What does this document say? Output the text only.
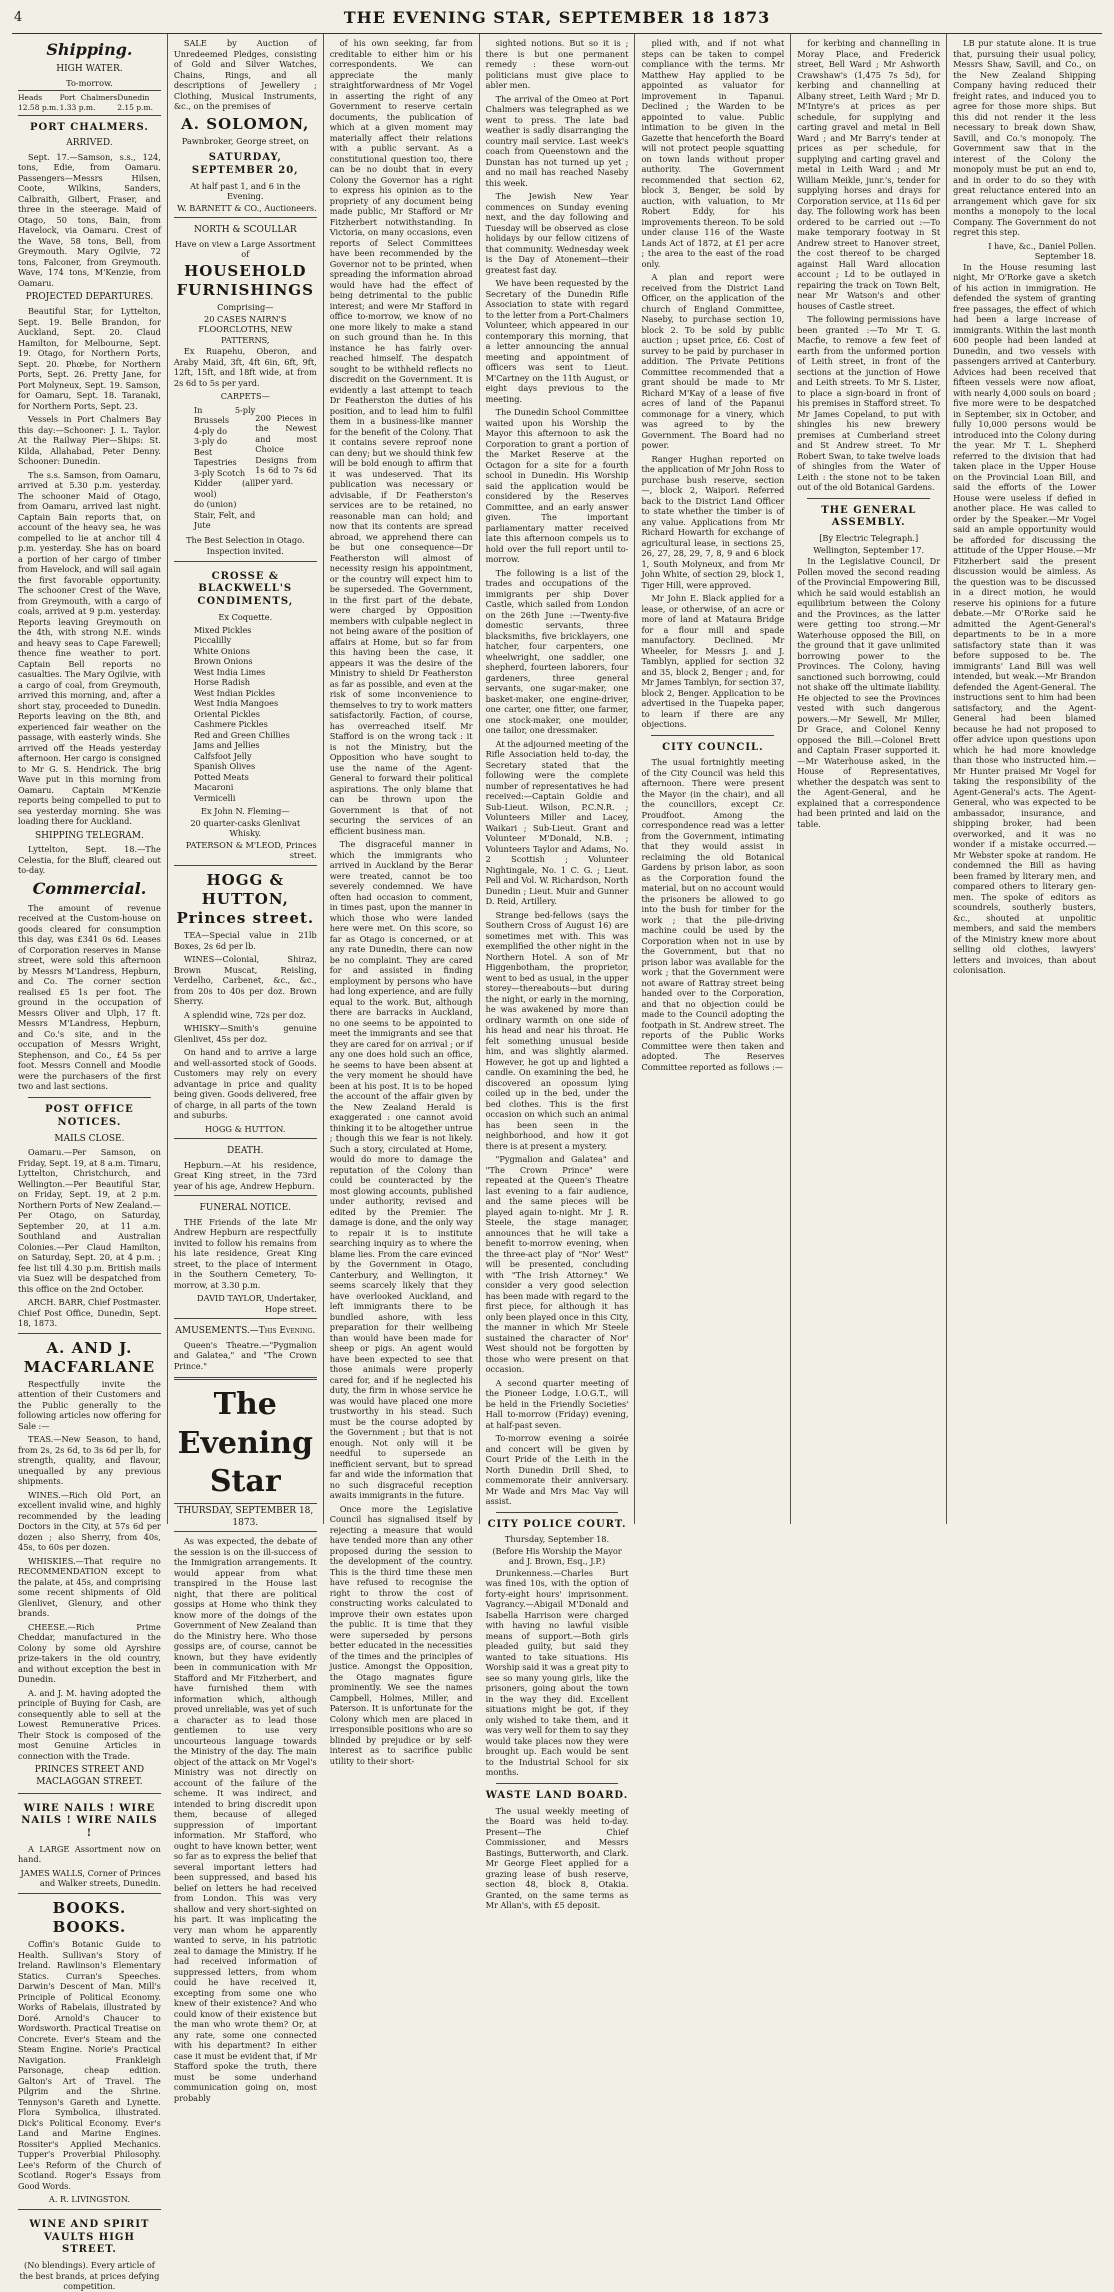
4	THE EVENING STAR, SEPTEMBER 18 1873
Shipping.
HIGH WATER.
To-morrow.
Heads 12.58 p.m.
Port Chalmers 1.33 p.m.
Dunedin 2.15 p.m.
PORT CHALMERS.
ARRIVED.

Sept. 17.—Samson, s.s., 124, tons, Edie, from Oamaru. Passengers—Messrs Hilsen, Coote, Wilkins, Sanders, Calbraith, Gilbert, Fraser, and three in the steerage. Maid of Otago, 50 tons, Bain, from Havelock, via Oamaru. Crest of the Wave, 58 tons, Bell, from Greymouth. Mary Ogilvie, 72 tons, Falconer, from Greymouth. Wave, 174 tons, M'Kenzie, from Oamaru.

PROJECTED DEPARTURES.

Beautiful Star, for Lyttelton, Sept. 19. Belle Brandon, for Auckland, Sept. 20. Claud Hamilton, for Melbourne, Sept. 19. Otago, for Northern Ports, Sept. 20. Phœbe, for Northern Ports, Sept. 26. Pretty Jane, for Port Molyneux, Sept. 19. Samson, for Oamaru, Sept. 18. Taranaki, for Northern Ports, Sept. 23.

Vessels in Port Chalmers Bay this day:—Schooner: J. L. Taylor. At the Railway Pier—Ships: St. Kilda, Allahabad, Peter Denny. Schooner: Dunedin.

The s.s. Samson, from Oamaru, arrived at 5.30 p.m. yesterday. The schooner Maid of Otago, from Oamaru, arrived last night. Captain Bain reports that, on account of the heavy sea, he was compelled to lie at anchor till 4 p.m. yesterday. She has on board a portion of her cargo of timber from Havelock, and will sail again the first favorable opportunity. The schooner Crest of the Wave, from Greymouth, with a cargo of coals, arrived at 9 p.m. yesterday. Reports leaving Greymouth on the 4th, with strong N.E. winds and heavy seas to Cape Farewell; thence fine weather to port. Captain Bell reports no casualties. The Mary Ogilvie, with a cargo of coal, from Greymouth, arrived this morning, and, after a short stay, proceeded to Dunedin. Reports leaving on the 8th, and experienced fair weather on the passage, with easterly winds. She arrived off the Heads yesterday afternoon. Her cargo is consigned to Mr G. S. Hendrick. The brig Wave put in this morning from Oamaru. Captain M'Kenzie reports being compelled to put to sea yesterday morning. She was loading there for Auckland.

SHIPPING TELEGRAM.

Lyttelton, Sept. 18.—The Celestia, for the Bluff, cleared out to-day.

Commercial.

The amount of revenue received at the Custom-house on goods cleared for consumption this day, was £341 0s 6d. Leases of Corporation reserves in Manse street, were sold this afternoon by Messrs M'Landress, Hepburn, and Co. The corner section realised £5 1s per foot. The ground in the occupation of Messrs Oliver and Ulph, 17 ft. Messrs M'Landress, Hepburn, and Co.'s site, and in the occupation of Messrs Wright, Stephenson, and Co., £4 5s per foot. Messrs Connell and Moodie were the purchasers of the first two and last sections.

POST OFFICE NOTICES.
MAILS CLOSE.

Oamaru.—Per Samson, on Friday, Sept. 19, at 8 a.m. Timaru, Lyttelton, Christchurch, and Wellington.—Per Beautiful Star, on Friday, Sept. 19, at 2 p.m. Northern Ports of New Zealand.—Per Otago, on Saturday, September 20, at 11 a.m. Southland and Australian Colonies.—Per Claud Hamilton, on Saturday, Sept. 20, at 4 p.m. ; fee list till 4.30 p.m. British mails via Suez will be despatched from this office on the 2nd October.

ARCH. BARR, Chief Postmaster.
Chief Post Office, Dunedin, Sept. 18, 1873.
A. AND J. MACFARLANE

Respectfully invite the attention of their Customers and the Public generally to the following articles now offering for Sale :—

TEAS.—New Season, to hand, from 2s, 2s 6d, to 3s 6d per lb, for strength, quality, and flavour, unequalled by any previous shipments.

WINES.—Rich Old Port, an excellent invalid wine, and highly recommended by the leading Doctors in the City, at 57s 6d per dozen ; also Sherry, from 40s, 45s, to 60s per dozen.

WHISKIES.—That require no RECOMMENDATION except to the palate, at 45s, and comprising some recent shipments of Old Glenlivet, Glenury, and other brands.

CHEESE.—Rich Prime Cheddar, manufactured in the Colony by some old Ayrshire prize-takers in the old country, and without exception the best in Dunedin.

A. and J. M. having adopted the principle of Buying for Cash, are consequently able to sell at the Lowest Remunerative Prices. Their Stock is composed of the most Genuine Articles in connection with the Trade.

PRINCES STREET AND MACLAGGAN STREET.
WIRE NAILS ! WIRE NAILS ! WIRE NAILS !

A LARGE Assortment now on hand.

JAMES WALLS, Corner of Princes and Walker streets, Dunedin.
BOOKS. BOOKS.

Coffin's Botanic Guide to Health. Sullivan's Story of Ireland. Rawlinson's Elementary Statics. Curran's Speeches. Darwin's Descent of Man. Mill's Principle of Political Economy. Works of Rabelais, illustrated by Doré. Arnold's Chaucer to Wordsworth. Practical Treatise on Concrete. Ever's Steam and the Steam Engine. Norie's Practical Navigation. Frankleigh Parsonage, cheap edition. Galton's Art of Travel. The Pilgrim and the Shrine. Tennyson's Gareth and Lynette. Flora Symbolica, illustrated. Dick's Political Economy. Ever's Land and Marine Engines. Rossiter's Applied Mechanics. Tupper's Proverbial Philosophy. Lee's Reform of the Church of Scotland. Roger's Essays from Good Words.

A. R. LIVINGSTON.
WINE AND SPIRIT VAULTS HIGH STREET.

(No blendings). Every article of the best brands, at prices defying competition.

SALE by Auction of Unredeemed Pledges, consisting of Gold and Silver Watches, Chains, Rings, and all descriptions of Jewellery ; Clothing, Musical Instruments, &c., on the premises of

A. SOLOMON,
Pawnbroker, George street, on
SATURDAY, SEPTEMBER 20,
At half past 1, and 6 in the Evening.
W. BARNETT & CO., Auctioneers.
NORTH & SCOULLAR
Have on view a Large Assortment of
HOUSEHOLD FURNISHINGS
Comprising—
20 CASES NAIRN'S FLOORCLOTHS, NEW PATTERNS,

Ex Ruapehu, Oberon, and Araby Maid, 3ft, 4ft 6in, 6ft, 9ft, 12ft, 15ft, and 18ft wide, at from 2s 6d to 5s per yard.

CARPETS—
In 5-ply Brussels
4-ply do
3-ply do
Best Tapestries
3-ply Scotch
Kidder (all wool)
do (union)
Stair, Felt, and Jute
200 Pieces in the Newest and most Choice Designs from 1s 6d to 7s 6d per yard.
The Best Selection in Otago.
Inspection invited.
CROSSE & BLACKWELL'S CONDIMENTS,
Ex Coquette.
Mixed Pickles
Piccalilly
White Onions
Brown Onions
West India Limes
Horse Radish
West Indian Pickles
West India Mangoes
Oriental Pickles
Cashmere Pickles
Red and Green Chillies
Jams and Jellies
Calfsfoot Jelly
Spanish Olives
Potted Meats
Macaroni
Vermicelli
Ex John N. Fleming—
20 quarter-casks Glenlivat Whisky.
PATERSON & M'LEOD, Princes street.
HOGG & HUTTON, Princes street.

TEA—Special value in 21lb Boxes, 2s 6d per lb.

WINES—Colonial, Shiraz, Brown Muscat, Reisling, Verdelho, Carbenet, &c., &c., from 20s to 40s per doz. Brown Sherry.

A splendid wine, 72s per doz.

WHISKY—Smith's genuine Glenlivet, 45s per doz.

On hand and to arrive a large and well-assorted stock of Goods. Customers may rely on every advantage in price and quality being given. Goods delivered, free of charge, in all parts of the town and suburbs.

HOGG & HUTTON.
DEATH.

Hepburn.—At his residence, Great King street, in the 73rd year of his age, Andrew Hepburn.

FUNERAL NOTICE.

THE Friends of the late Mr Andrew Hepburn are respectfully invited to follow his remains from his late residence, Great King street, to the place of interment in the Southern Cemetery, To-morrow, at 3.30 p.m.

DAVID TAYLOR, Undertaker, Hope street.
AMUSEMENTS.—This Evening.

Queen's Theatre.—"Pygmalion and Galatea," and "The Crown Prince."

The Evening Star
THURSDAY, SEPTEMBER 18, 1873.

As was expected, the debate of the session is on the ill-success of the Immigration arrangements. It would appear from what transpired in the House last night, that there are political gossips at Home who think they know more of the doings of the Government of New Zealand than do the Ministry here. Who those gossips are, of course, cannot be known, but they have evidently been in communication with Mr Stafford and Mr Fitzherbert, and have furnished them with information which, although proved unreliable, was yet of such a character as to lead those gentlemen to use very uncourteous language towards the Ministry of the day. The main object of the attack on Mr Vogel's Ministry was not directly on account of the failure of the scheme. It was indirect, and intended to bring discredit upon them, because of alleged suppression of important information. Mr Stafford, who ought to have known better, went so far as to express the belief that several important letters had been suppressed, and based his belief on letters he had received from London. This was very shallow and very short-sighted on his part. It was implicating the very man whom he apparently wanted to serve, in his patriotic zeal to damage the Ministry. If he had received information of suppressed letters, from whom could he have received it, excepting from some one who knew of their existence? And who could know of their existence but the man who wrote them? Or, at any rate, some one connected with his department? In either case it must be evident that, if Mr Stafford spoke the truth, there must be some underhand communication going on, most probably

of his own seeking, far from creditable to either him or his correspondents. We can appreciate the manly straightforwardness of Mr Vogel in asserting the right of any Government to reserve certain documents, the publication of which at a given moment may materially affect their relations with a public servant. As a constitutional question too, there can be no doubt that in every Colony the Governor has a right to express his opinion as to the propriety of any document being made public, Mr Stafford or Mr Fitzherbert notwithstanding. In Victoria, on many occasions, even reports of Select Committees have been recommended by the Governor not to be printed, when spreading the information abroad would have had the effect of being detrimental to the public interest; and were Mr Stafford in office to-morrow, we know of no one more likely to make a stand on such ground than he. In this instance he has fairly over-reached himself. The despatch sought to be withheld reflects no discredit on the Government. It is evidently a last attempt to teach Dr Featherston the duties of his position, and to lead him to fulfil them in a business-like manner for the benefit of the Colony. That it contains severe reproof none can deny; but we should think few will be bold enough to affirm that it was undeserved. That its publication was necessary or advisable, if Dr Featherston's services are to be retained, no reasonable man can hold; and now that its contents are spread abroad, we apprehend there can be but one consequence—Dr Featherston will almost of necessity resign his appointment, or the country will expect him to be superseded. The Government, in the first part of the debate, were charged by Opposition members with culpable neglect in not being aware of the position of affairs at Home, but so far from this having been the case, it appears it was the desire of the Ministry to shield Dr Featherston as far as possible, and even at the risk of some inconvenience to themselves to try to work matters satisfactorily. Faction, of course, has overreached itself. Mr Stafford is on the wrong tack : it is not the Ministry, but the Opposition who have sought to use the name of the Agent-General to forward their political aspirations. The only blame that can be thrown upon the Government is that of not securing the services of an efficient business man.

The disgraceful manner in which the immigrants who arrived in Auckland by the Berar were treated, cannot be too severely condemned. We have often had occasion to comment, in times past, upon the manner in which those who were landed here were met. On this score, so far as Otago is concerned, or at any rate Dunedin, there can now be no complaint. They are cared for and assisted in finding employment by persons who have had long experience, and are fully equal to the work. But, although there are barracks in Auckland, no one seems to be appointed to meet the immigrants and see that they are cared for on arrival ; or if any one does hold such an office, he seems to have been absent at the very moment he should have been at his post. It is to be hoped the account of the affair given by the New Zealand Herald is exaggerated : one cannot avoid thinking it to be altogether untrue ; though this we fear is not likely. Such a story, circulated at Home, would do more to damage the reputation of the Colony than could be counteracted by the most glowing accounts, published under authority, revised and edited by the Premier. The damage is done, and the only way to repair it is to institute searching inquiry as to where the blame lies. From the care evinced by the Government in Otago, Canterbury, and Wellington, it seems scarcely likely that they have overlooked Auckland, and left immigrants there to be bundled ashore, with less preparation for their wellbeing than would have been made for sheep or pigs. An agent would have been expected to see that those animals were properly cared for, and if he neglected his duty, the firm in whose service he was would have placed one more trustworthy in his stead. Such must be the course adopted by the Government ; but that is not enough. Not only will it be needful to supersede an inefficient servant, but to spread far and wide the information that no such disgraceful reception awaits immigrants in the future.

Once more the Legislative Council has signalised itself by rejecting a measure that would have tended more than any other proposed during the session to the development of the country. This is the third time these men have refused to recognise the right to throw the cost of constructing works calculated to improve their own estates upon the public. It is time that they were superseded by persons better educated in the necessities of the times and the principles of justice. Amongst the Opposition, the Otago magnates figure prominently. We see the names Campbell, Holmes, Miller, and Paterson. It is unfortunate for the Colony which men are placed in irresponsible positions who are so blinded by prejudice or by self-interest as to sacrifice public utility to their short-

sighted notions. But so it is ; there is but one permanent remedy : these worn-out politicians must give place to abler men.

The arrival of the Omeo at Port Chalmers was telegraphed as we went to press. The late bad weather is sadly disarranging the country mail service. Last week's coach from Queenstown and the Dunstan has not turned up yet ; and no mail has reached Naseby this week.

The Jewish New Year commences on Sunday evening next, and the day following and Tuesday will be observed as close holidays by our fellow citizens of that community. Wednesday week is the Day of Atonement—their greatest fast day.

We have been requested by the Secretary of the Dunedin Rifle Association to state with regard to the letter from a Port-Chalmers Volunteer, which appeared in our contemporary this morning, that a letter announcing the annual meeting and appointment of officers was sent to Lieut. M'Cartney on the 11th August, or eight days previous to the meeting.

The Dunedin School Committee waited upon his Worship the Mayor this afternoon to ask the Corporation to grant a portion of the Market Reserve at the Octagon for a site for a fourth school in Dunedin. His Worship said the application would be considered by the Reserves Committee, and an early answer given. The important parliamentary matter received late this afternoon compels us to hold over the full report until to-morrow.

The following is a list of the trades and occupations of the immigrants per ship Dover Castle, which sailed from London on the 26th June :—Twenty-five domestic servants, three blacksmiths, five bricklayers, one hatcher, four carpenters, one wheelwright, one saddler, one shepherd, fourteen laborers, four gardeners, three general servants, one sugar-maker, one basket-maker, one engine-driver, one carter, one fitter, one farmer, one stock-maker, one moulder, one tailor, one dressmaker.

At the adjourned meeting of the Rifle Association held to-day, the Secretary stated that the following were the complete number of representatives he had received:—Captain Goldie and Sub-Lieut. Wilson, P.C.N.R. ; Volunteers Miller and Lacey, Waikari ; Sub-Lieut. Grant and Volunteer M'Donald, N.B. ; Volunteers Taylor and Adams, No. 2 Scottish ; Volunteer Nightingale, No. 1 C. G. ; Lieut. Pell and Vol. W. Richardson, North Dunedin ; Lieut. Muir and Gunner D. Reid, Artillery.

Strange bed-fellows (says the Southern Cross of August 16) are sometimes met with. This was exemplified the other night in the Northern Hotel. A son of Mr Higgenbotham, the proprietor, went to bed as usual, in the upper storey—thereabouts—but during the night, or early in the morning, he was awakened by more than ordinary warmth on one side of his head and near his throat. He felt something unusual beside him, and was slightly alarmed. However, he got up and lighted a candle. On examining the bed, he discovered an opossum lying coiled up in the bed, under the bed clothes. This is the first occasion on which such an animal has been seen in the neighborhood, and how it got there is at present a mystery.

"Pygmalion and Galatea" and "The Crown Prince" were repeated at the Queen's Theatre last evening to a fair audience, and the same pieces will be played again to-night. Mr J. R. Steele, the stage manager, announces that he will take a benefit to-morrow evening, when the three-act play of "Nor' West" will be presented, concluding with "The Irish Attorney." We consider a very good selection has been made with regard to the first piece, for although it has only been played once in this City, the manner in which Mr Steele sustained the character of Nor' West should not be forgotten by those who were present on that occasion.

A second quarter meeting of the Pioneer Lodge, I.O.G.T., will be held in the Friendly Societies' Hall to-morrow (Friday) evening, at half-past seven.

To-morrow evening a soirée and concert will be given by Court Pride of the Leith in the North Dunedin Drill Shed, to commemorate their anniversary. Mr Wade and Mrs Mac Vay will assist.

CITY POLICE COURT.
Thursday, September 18.
(Before His Worship the Mayor and J. Brown, Esq., J.P.)

Drunkenness.—Charles Burt was fined 10s, with the option of forty-eight hours' imprisonment. Vagrancy.—Abigail M'Donald and Isabella Harrison were charged with having no lawful visible means of support.—Both girls pleaded guilty, but said they wanted to take situations. His Worship said it was a great pity to see so many young girls, like the prisoners, going about the town in the way they did. Excellent situations might be got, if they only wished to take them, and it was very well for them to say they would take places now they were brought up. Each would be sent to the Industrial School for six months.

WASTE LAND BOARD.

The usual weekly meeting of the Board was held to-day. Present—The Chief Commissioner, and Messrs Bastings, Butterworth, and Clark. Mr George Fleet applied for a grazing lease of bush reserve, section 48, block 8, Otakia. Granted, on the same terms as Mr Allan's, with £5 deposit.

plied with, and if not what steps can be taken to compel compliance with the terms. Mr Matthew Hay applied to be appointed as valuator for improvement in Tapanui. Declined ; the Warden to be appointed to value. Public intimation to be given in the Gazette that henceforth the Board will not protect people squatting on town lands without proper authority. The Government recommended that section 62, block 3, Benger, be sold by auction, with valuation, to Mr Robert Eddy, for his improvements thereon. To be sold under clause 116 of the Waste Lands Act of 1872, at £1 per acre ; the area to the east of the road only.

A plan and report were received from the District Land Officer, on the application of the church of England Committee, Naseby, to purchase section 10, block 2. To be sold by public auction ; upset price, £6. Cost of survey to be paid by purchaser in addition. The Private Petitions Committee recommended that a grant should be made to Mr Richard M'Kay of a lease of five acres of land of the Papanui commonage for a vinery, which was agreed to by the Government. The Board had no power.

Ranger Hughan reported on the application of Mr John Ross to purchase bush reserve, section —, block 2, Waipori. Referred back to the District Land Officer to state whether the timber is of any value. Applications from Mr Richard Howarth for exchange of agricultural lease, in sections 25, 26, 27, 28, 29, 7, 8, 9 and 6 block 1, South Molyneux, and from Mr John White, of section 29, block 1, Tiger Hill, were approved.

Mr John E. Black applied for a lease, or otherwise, of an acre or more of land at Mataura Bridge for a flour mill and spade manufactory. Declined. Mr Wheeler, for Messrs J. and J. Tamblyn, applied for section 32 and 35, block 2, Benger ; and, for Mr James Tamblyn, for section 37, block 2, Benger. Application to be advertised in the Tuapeka paper, to learn if there are any objections.

CITY COUNCIL.

The usual fortnightly meeting of the City Council was held this afternoon. There were present the Mayor (in the chair), and all the councillors, except Cr. Proudfoot. Among the correspondence read was a letter from the Government, intimating that they would assist in reclaiming the old Botanical Gardens by prison labor, as soon as the Corporation found the material, but on no account would the prisoners be allowed to go into the bush for timber for the work ; that the pile-driving machine could be used by the Corporation when not in use by the Government, but that no prison labor was available for the work ; that the Government were not aware of Rattray street being handed over to the Corporation, and that no objection could be made to the Council adopting the footpath in St. Andrew street. The reports of the Public Works Committee were then taken and adopted. The Reserves Committee reported as follows :—

for kerbing and channelling in Moray Place, and Frederick street, Bell Ward ; Mr Ashworth Crawshaw's (1,475 7s 5d), for kerbing and channelling at Albany street, Leith Ward ; Mr D. M'Intyre's at prices as per schedule, for supplying and carting gravel and metal in Bell Ward ; and Mr Barry's tender at prices as per schedule, for supplying and carting gravel and metal in Leith Ward ; and Mr William Meikle, junr.'s, tender for supplying horses and drays for Corporation service, at 11s 6d per day. The following work has been ordered to be carried out :—To make temporary footway in St Andrew street to Hanover street, the cost thereof to be charged against Hall Ward allocation account ; Ld to be outlayed in repairing the track on Town Belt, near Mr Watson's and other houses of Castle street.

The following permissions have been granted :—To Mr T. G. Macfie, to remove a few feet of earth from the unformed portion of Leith street, in front of the sections at the junction of Howe and Leith streets. To Mr S. Lister, to place a sign-board in front of his premises in Stafford street. To Mr James Copeland, to put with shingles his new brewery premises at Cumberland street and St Andrew street. To Mr Robert Swan, to take twelve loads of shingles from the Water of Leith : the stone not to be taken out of the old Botanical Gardens.

THE GENERAL ASSEMBLY.
[By Electric Telegraph.]
Wellington, September 17.

In the Legislative Council, Dr Pollen moved the second reading of the Provincial Empowering Bill, which he said would establish an equilibrium between the Colony and the Provinces, as the latter were getting too strong.—Mr Waterhouse opposed the Bill, on the ground that it gave unlimited borrowing power to the Provinces. The Colony, having sanctioned such borrowing, could not shake off the ultimate liability. He objected to see the Provinces vested with such dangerous powers.—Mr Sewell, Mr Miller, Dr Grace, and Colonel Kenny opposed the Bill.—Colonel Brett and Captain Fraser supported it.—Mr Waterhouse asked, in the House of Representatives, whether the despatch was sent to the Agent-General, and he explained that a correspondence had been printed and laid on the table.

LB pur statute alone. It is true that, pursuing their usual policy, Messrs Shaw, Savill, and Co., on the New Zealand Shipping Company having reduced their freight rates, and induced you to agree for those more ships. But this did not render it the less necessary to break down Shaw, Savill, and Co.'s monopoly. The Government saw that in the interest of the Colony the monopoly must be put an end to, and in order to do so they with great reluctance entered into an arrangement which gave for six months a monopoly to the local Company. The Government do not regret this step.

I have, &c., Daniel Pollen.
September 18.

In the House resuming last night, Mr O'Rorke gave a sketch of his action in immigration. He defended the system of granting free passages, the effect of which had been a large increase of immigrants. Within the last month 600 people had been landed at Dunedin, and two vessels with passengers arrived at Canterbury. Advices had been received that fifteen vessels were now afloat, with nearly 4,000 souls on board ; five more were to be despatched in September, six in October, and fully 10,000 persons would be introduced into the Colony during the year. Mr T. L. Shepherd referred to the division that had taken place in the Upper House on the Provincial Loan Bill, and said the efforts of the Lower House were useless if defied in another place. He was called to order by the Speaker.—Mr Vogel said an ample opportunity would be afforded for discussing the attitude of the Upper House.—Mr Fitzherbert said the present discussion would be aimless. As the question was to be discussed in a direct motion, he would reserve his opinions for a future debate.—Mr O'Rorke said he admitted the Agent-General's departments to be in a more satisfactory state than it was before supposed to be. The immigrants' Land Bill was well intended, but weak.—Mr Brandon defended the Agent-General. The instructions sent to him had been satisfactory, and the Agent-General had been blamed because he had not proposed to offer advice upon questions upon which he had more knowledge than those who instructed him.—Mr Hunter praised Mr Vogel for taking the responsibility of the Agent-General's acts. The Agent-General, who was expected to be ambassador, insurance, and shipping broker, had been overworked, and it was no wonder if a mistake occurred.—Mr Webster spoke at random. He condemned the Bill as having been framed by literary men, and compared others to literary gen-men. The spoke of editors as scoundrels, southerly busters, &c., shouted at unpolitic members, and said the members of the Ministry knew more about selling old clothes, lawyers' letters and invoices, than about colonisation.
